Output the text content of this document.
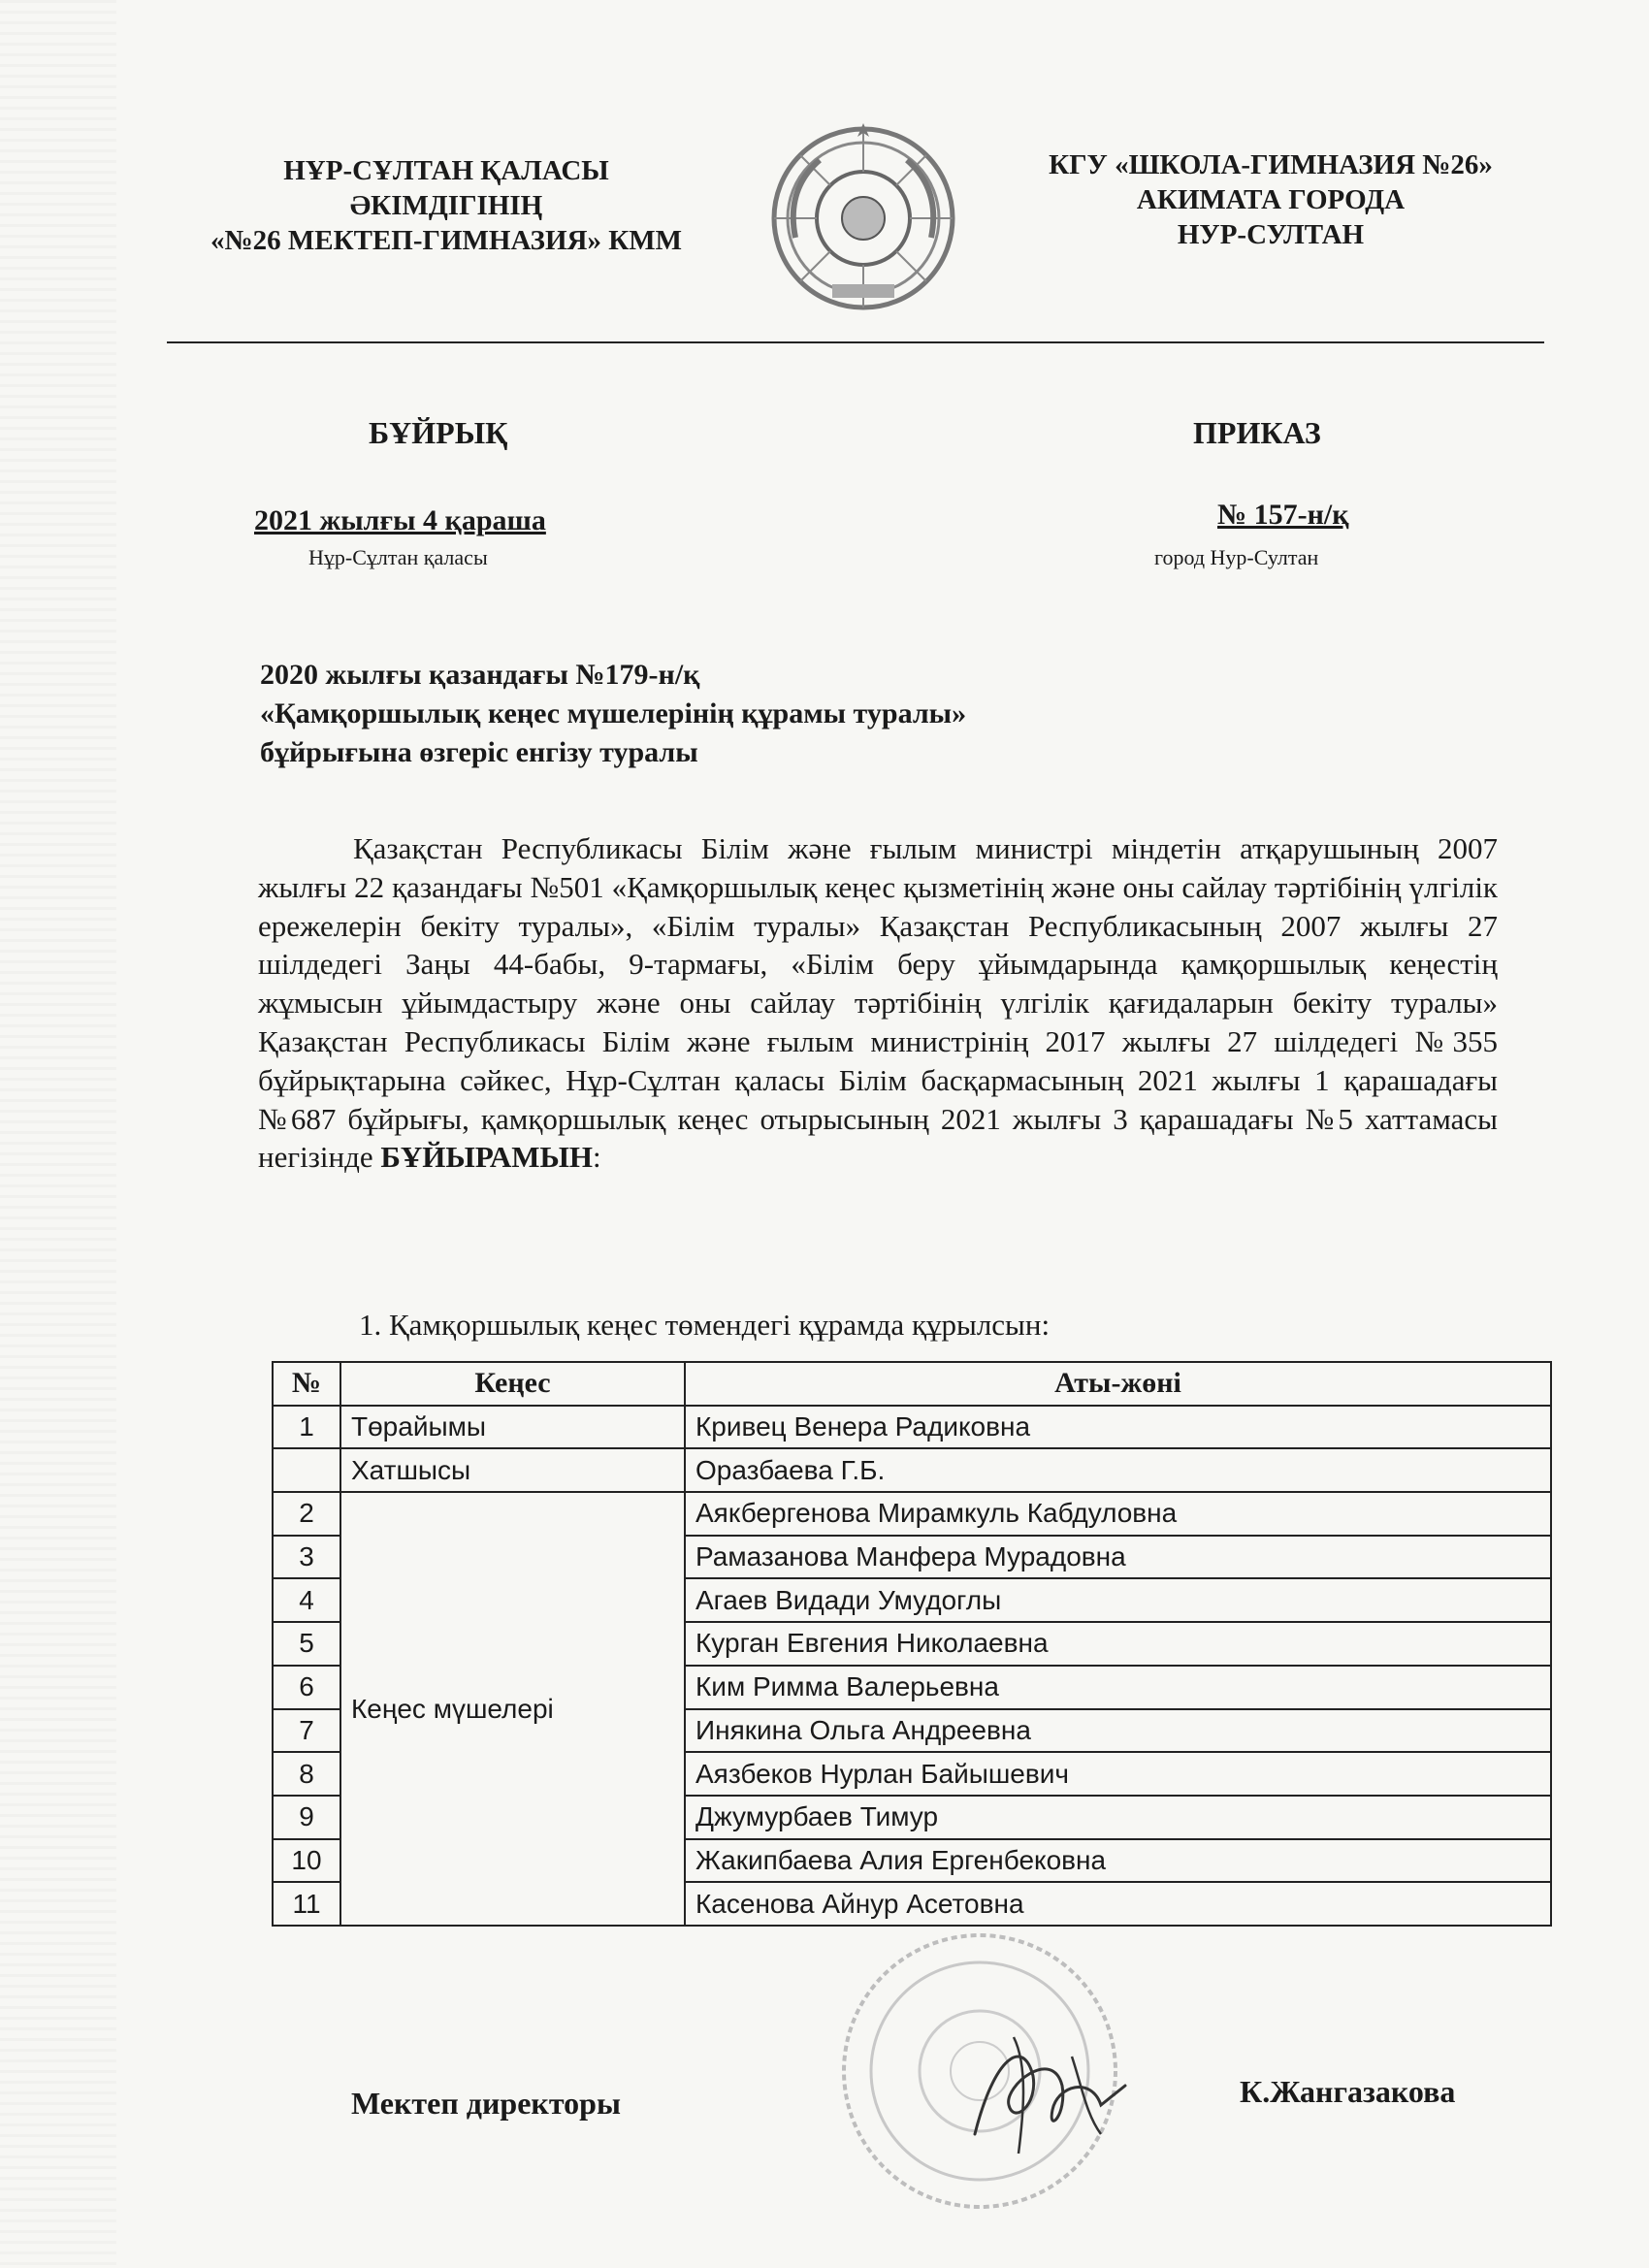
НҰР-СҰЛТАН ҚАЛАСЫ
ӘКІМДІГІНІҢ
«№26 МЕКТЕП-ГИМНАЗИЯ» КММ
КГУ «ШКОЛА-ГИМНАЗИЯ №26»
АКИМАТА ГОРОДА
НУР-СУЛТАН
БҰЙРЫҚ	ПРИКАЗ
2021 жылғы 4 қараша
Нұр-Сұлтан қаласы
№ 157-н/қ
город Нур-Султан
2020 жылғы қазандағы №179-н/қ
«Қамқоршылық кеңес мүшелерінің құрамы туралы»
бұйрығына өзгеріс енгізу туралы
Қазақстан Республикасы Білім және ғылым министрі міндетін атқарушының 2007 жылғы 22 қазандағы №501 «Қамқоршылық кеңес қызметінің және оны сайлау тәртібінің үлгілік ережелерін бекіту туралы», «Білім туралы» Қазақстан Республикасының 2007 жылғы 27 шілдедегі Заңы 44-бабы, 9-тармағы, «Білім беру ұйымдарында қамқоршылық кеңестің жұмысын ұйымдастыру және оны сайлау тәртібінің үлгілік қағидаларын бекіту туралы» Қазақстан Республикасы Білім және ғылым министрінің 2017 жылғы 27 шілдедегі №355 бұйрықтарына сәйкес, Нұр-Сұлтан қаласы Білім басқармасының 2021 жылғы 1 қарашадағы №687 бұйрығы, қамқоршылық кеңес отырысының 2021 жылғы 3 қарашадағы №5 хаттамасы негізінде БҰЙЫРАМЫН:
1. Қамқоршылық кеңес төмендегі құрамда құрылсын:
№	Кеңес	Аты-жөні
1	Төрайымы	Кривец Венера Радиковна
	Хатшысы	Оразбаева Г.Б.
2	Кеңес мүшелері	Аякбергенова Мирамкуль Кабдуловна
3		Рамазанова Манфера Мурадовна
4		Агаев Видади Умудоглы
5		Курган Евгения Николаевна
6		Ким Римма Валерьевна
7		Инякина Ольга Андреевна
8		Аязбеков Нурлан Байышевич
9		Джумурбаев Тимур
10		Жакипбаева Алия Ергенбековна
11		Касенова Айнур Асетовна
Мектеп директоры	К.Жангазакова
